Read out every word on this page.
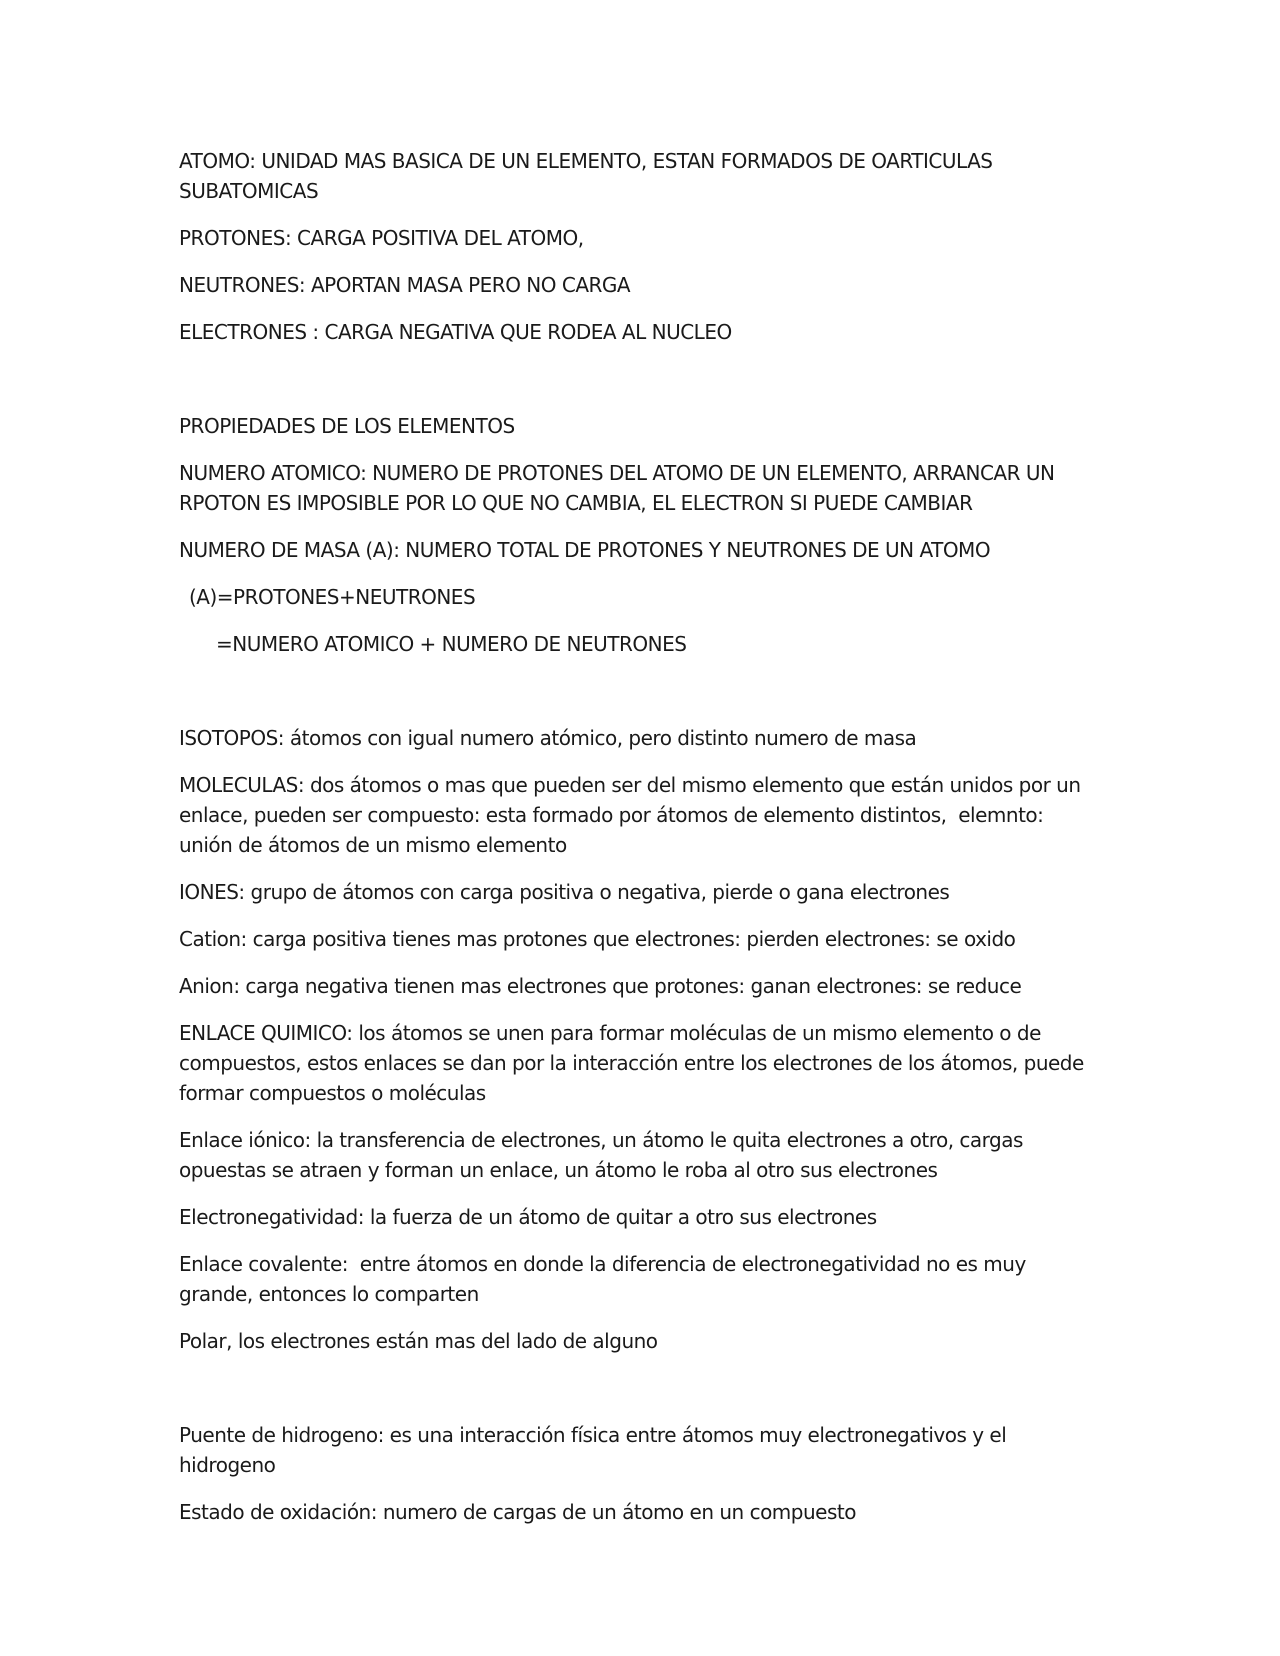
ATOMO: UNIDAD MAS BASICA DE UN ELEMENTO, ESTAN FORMADOS DE OARTICULAS SUBATOMICAS

PROTONES: CARGA POSITIVA DEL ATOMO,

NEUTRONES: APORTAN MASA PERO NO CARGA

ELECTRONES : CARGA NEGATIVA QUE RODEA AL NUCLEO

PROPIEDADES DE LOS ELEMENTOS

NUMERO ATOMICO: NUMERO DE PROTONES DEL ATOMO DE UN ELEMENTO, ARRANCAR UN RPOTON ES IMPOSIBLE POR LO QUE NO CAMBIA, EL ELECTRON SI PUEDE CAMBIAR

NUMERO DE MASA (A): NUMERO TOTAL DE PROTONES Y NEUTRONES DE UN ATOMO

(A)=PROTONES+NEUTRONES

=NUMERO ATOMICO + NUMERO DE NEUTRONES

ISOTOPOS: átomos con igual numero atómico, pero distinto numero de masa

MOLECULAS: dos átomos o mas que pueden ser del mismo elemento que están unidos por un enlace, pueden ser compuesto: esta formado por átomos de elemento distintos,  elemnto: unión de átomos de un mismo elemento

IONES: grupo de átomos con carga positiva o negativa, pierde o gana electrones

Cation: carga positiva tienes mas protones que electrones: pierden electrones: se oxido

Anion: carga negativa tienen mas electrones que protones: ganan electrones: se reduce

ENLACE QUIMICO: los átomos se unen para formar moléculas de un mismo elemento o de compuestos, estos enlaces se dan por la interacción entre los electrones de los átomos, puede formar compuestos o moléculas

Enlace iónico: la transferencia de electrones, un átomo le quita electrones a otro, cargas opuestas se atraen y forman un enlace, un átomo le roba al otro sus electrones

Electronegatividad: la fuerza de un átomo de quitar a otro sus electrones

Enlace covalente:  entre átomos en donde la diferencia de electronegatividad no es muy grande, entonces lo comparten

Polar, los electrones están mas del lado de alguno

Puente de hidrogeno: es una interacción física entre átomos muy electronegativos y el hidrogeno

Estado de oxidación: numero de cargas de un átomo en un compuesto
